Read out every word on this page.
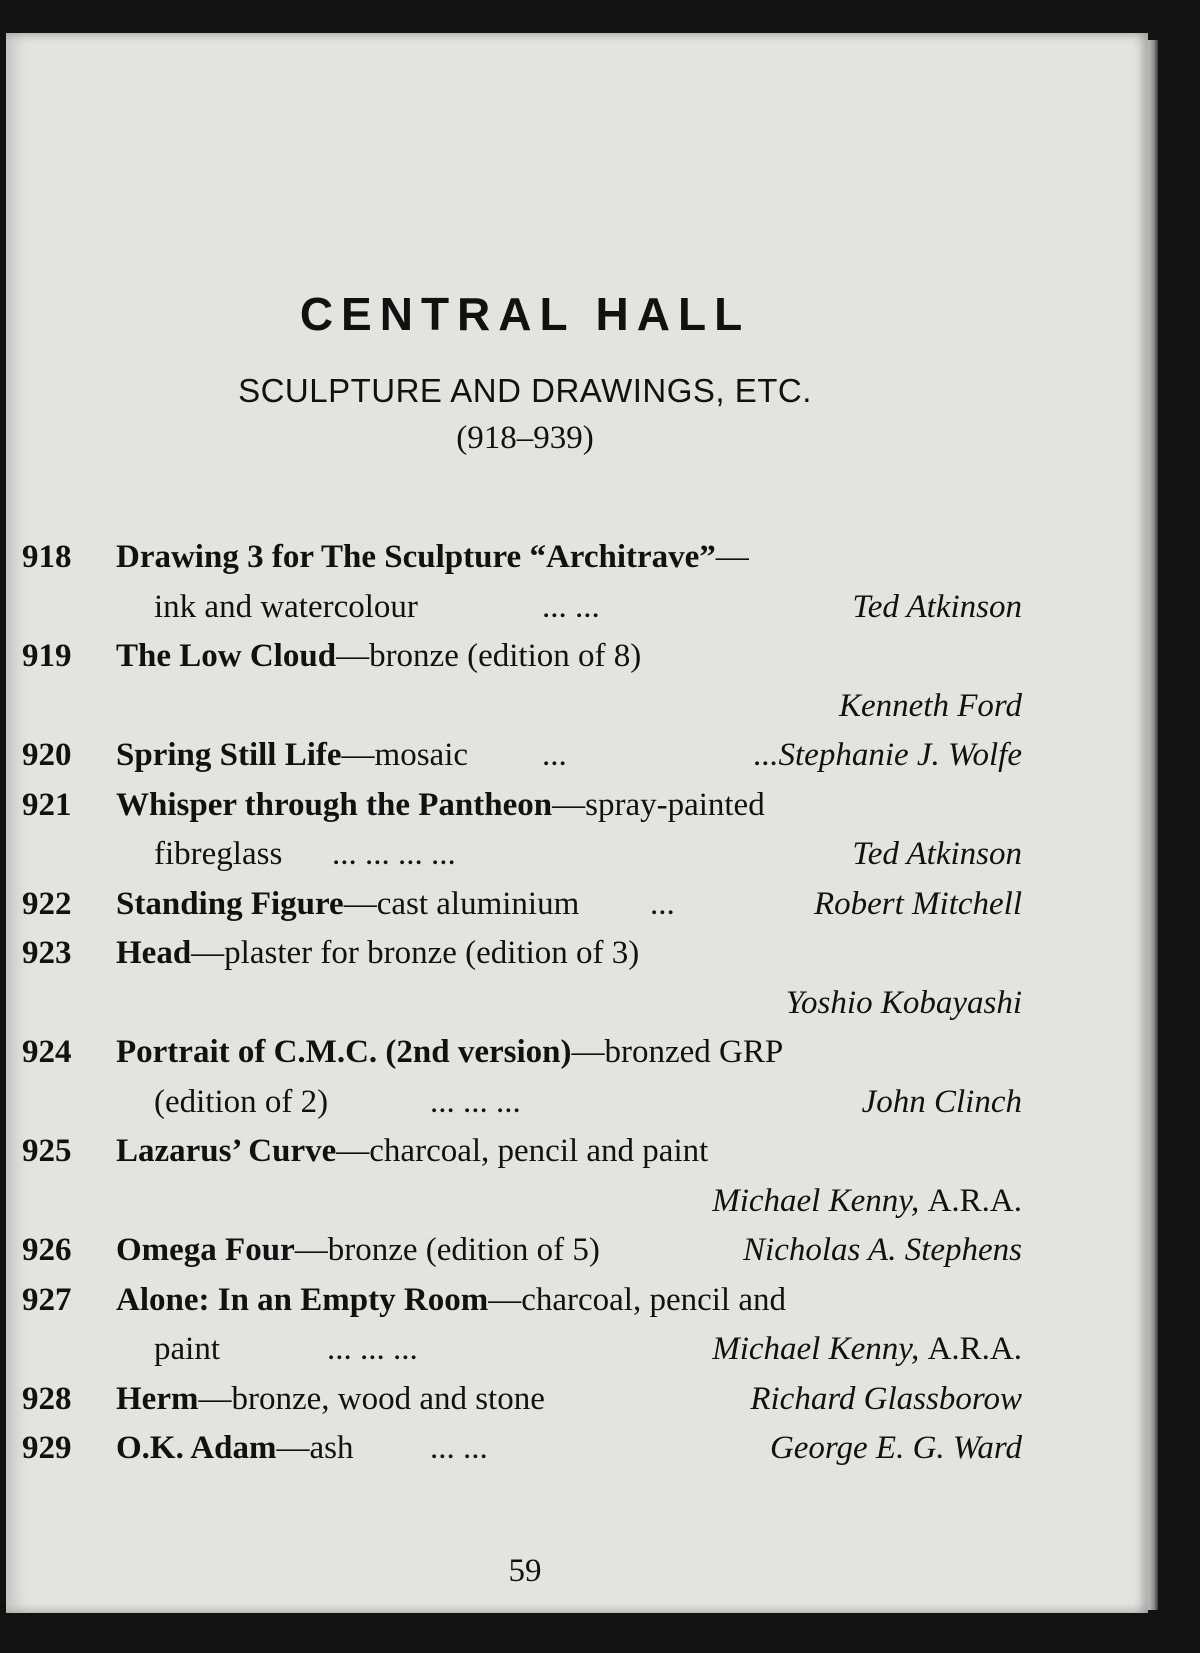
CENTRAL HALL
SCULPTURE AND DRAWINGS, ETC.
(918–939)
918	Drawing 3 for The Sculpture “Architrave”—
ink and watercolour	... ...	Ted Atkinson
919	The Low Cloud—bronze (edition of 8)
Kenneth Ford
920	Spring Still Life—mosaic ...	...Stephanie J. Wolfe
921	Whisper through the Pantheon—spray-painted
fibreglass ... ... ... ...	Ted Atkinson
922	Standing Figure—cast aluminium ...	Robert Mitchell
923	Head—plaster for bronze (edition of 3)
Yoshio Kobayashi
924	Portrait of C.M.C. (2nd version)—bronzed GRP
(edition of 2)	... ... ...	John Clinch
925	Lazarus’ Curve—charcoal, pencil and paint
Michael Kenny, A.R.A.
926	Omega Four—bronze (edition of 5)	Nicholas A. Stephens
927	Alone: In an Empty Room—charcoal, pencil and
paint	... ... ...	Michael Kenny, A.R.A.
928	Herm—bronze, wood and stone	Richard Glassborow
929	O.K. Adam—ash ... ...	George E. G. Ward
59
